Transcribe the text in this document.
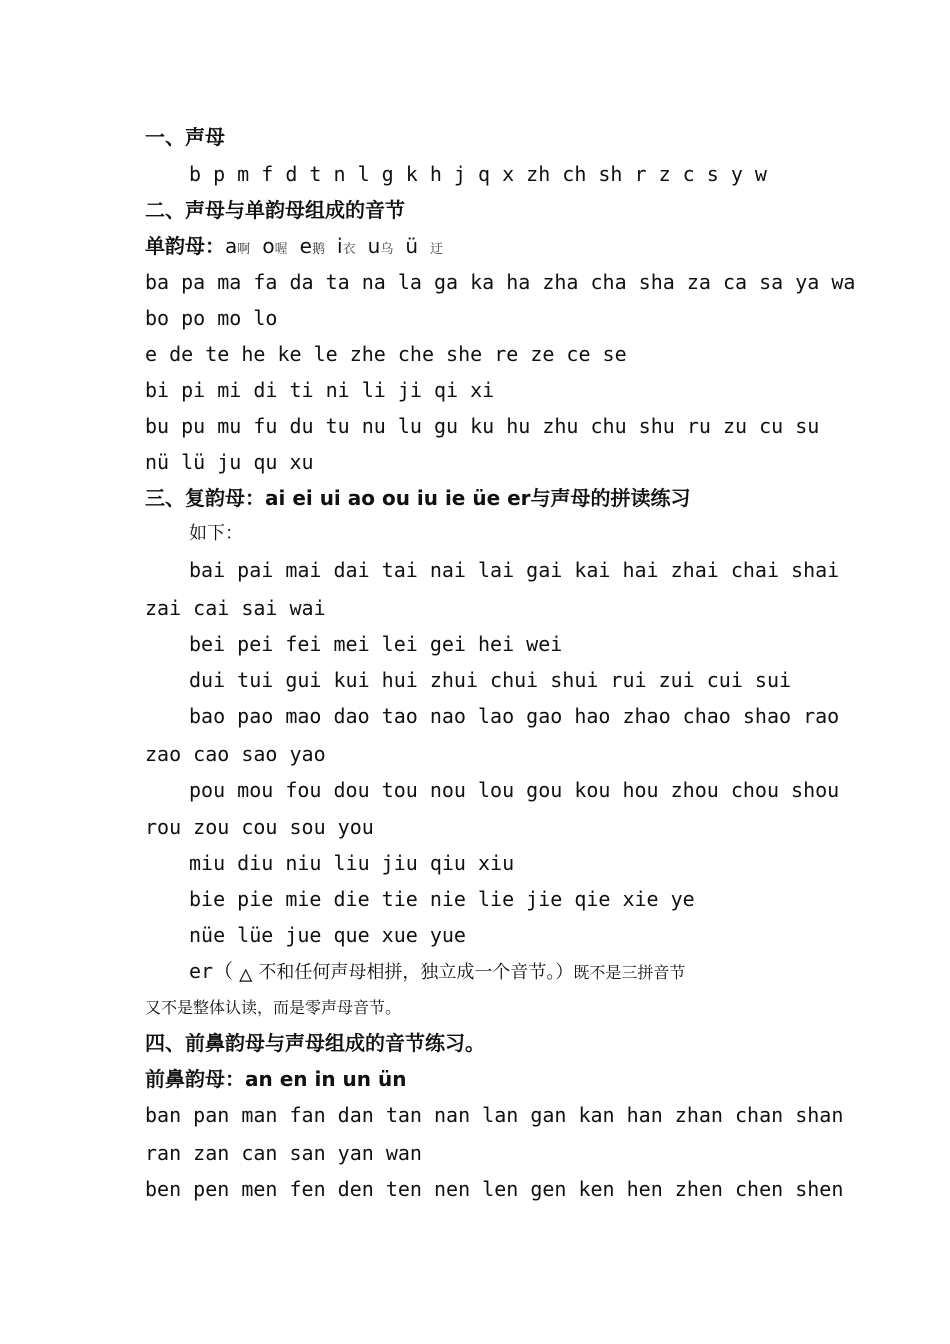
一、声母
b p m f d t n l g k h j q x zh ch sh r z c s y w
二、声母与单韵母组成的音节
单韵母：a啊 o喔 e鹅 i衣 u乌 ü 迂
ba pa ma fa da ta na la ga ka ha zha cha sha za ca sa ya wa
bo po mo lo
e de te he ke le zhe che she re ze ce se
bi pi mi di ti ni li ji qi xi
bu pu mu fu du tu nu lu gu ku hu zhu chu shu ru zu cu su
nü lü ju qu xu
三、复韵母：ai ei ui ao ou iu ie üe er与声母的拼读练习
如下：
bai pai mai dai tai nai lai gai kai hai zhai chai shai
zai cai sai wai
bei pei fei mei lei gei hei wei
dui tui gui kui hui zhui chui shui rui zui cui sui
bao pao mao dao tao nao lao gao hao zhao chao shao rao
zao cao sao yao
pou mou fou dou tou nou lou gou kou hou zhou chou shou
rou zou cou sou you
miu diu niu liu jiu qiu xiu
bie pie mie die tie nie lie jie qie xie ye
nüe lüe jue que xue yue
er（ △ 不和任何声母相拼，独立成一个音节。）既不是三拼音节
又不是整体认读，而是零声母音节。
四、前鼻韵母与声母组成的音节练习。
前鼻韵母：an en in un ün
ban pan man fan dan tan nan lan gan kan han zhan chan shan
ran zan can san yan wan
ben pen men fen den ten nen len gen ken hen zhen chen shen
